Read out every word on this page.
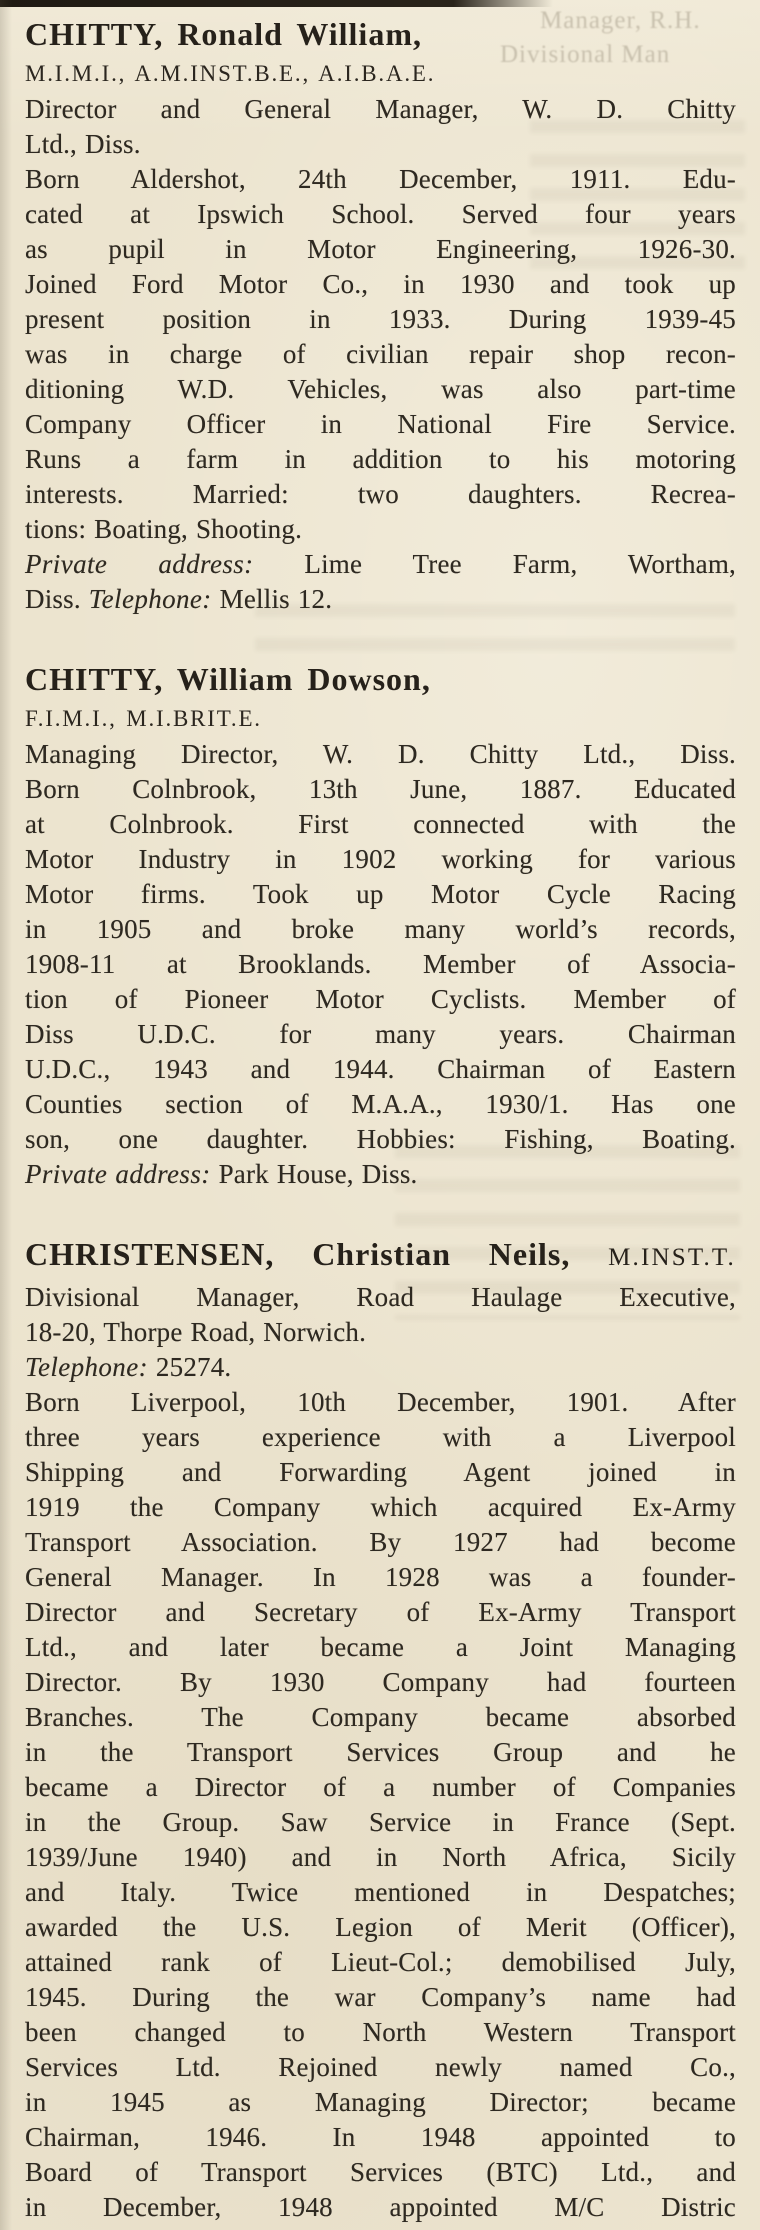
Manager, R.H.
Divisional Man
CHITTY, Ronald William,
M.I.M.I., A.M.INST.B.E., A.I.B.A.E.
Director and General Manager, W. D. Chitty
Ltd., Diss.
Born Aldershot, 24th December, 1911. Edu-
cated at Ipswich School. Served four years
as pupil in Motor Engineering, 1926-30.
Joined Ford Motor Co., in 1930 and took up
present position in 1933. During 1939-45
was in charge of civilian repair shop recon-
ditioning W.D. Vehicles, was also part-time
Company Officer in National Fire Service.
Runs a farm in addition to his motoring
interests. Married: two daughters. Recrea-
tions: Boating, Shooting.
Private address: Lime Tree Farm, Wortham,
Diss. Telephone: Mellis 12.
CHITTY, William Dowson,
F.I.M.I., M.I.BRIT.E.
Managing Director, W. D. Chitty Ltd., Diss.
Born Colnbrook, 13th June, 1887. Educated
at Colnbrook. First connected with the
Motor Industry in 1902 working for various
Motor firms. Took up Motor Cycle Racing
in 1905 and broke many world’s records,
1908-11 at Brooklands. Member of Associa-
tion of Pioneer Motor Cyclists. Member of
Diss U.D.C. for many years. Chairman
U.D.C., 1943 and 1944. Chairman of Eastern
Counties section of M.A.A., 1930/1. Has one
son, one daughter. Hobbies: Fishing, Boating.
Private address: Park House, Diss.
CHRISTENSEN, Christian Neils, M.INST.T.
Divisional Manager, Road Haulage Executive,
18-20, Thorpe Road, Norwich.
Telephone: 25274.
Born Liverpool, 10th December, 1901. After
three years experience with a Liverpool
Shipping and Forwarding Agent joined in
1919 the Company which acquired Ex-Army
Transport Association. By 1927 had become
General Manager. In 1928 was a founder-
Director and Secretary of Ex-Army Transport
Ltd., and later became a Joint Managing
Director. By 1930 Company had fourteen
Branches. The Company became absorbed
in the Transport Services Group and he
became a Director of a number of Companies
in the Group. Saw Service in France (Sept.
1939/June 1940) and in North Africa, Sicily
and Italy. Twice mentioned in Despatches;
awarded the U.S. Legion of Merit (Officer),
attained rank of Lieut-Col.; demobilised July,
1945. During the war Company’s name had
been changed to North Western Transport
Services Ltd. Rejoined newly named Co.,
in 1945 as Managing Director; became
Chairman, 1946. In 1948 appointed to
Board of Transport Services (BTC) Ltd., and
in December, 1948 appointed M/C Distric
